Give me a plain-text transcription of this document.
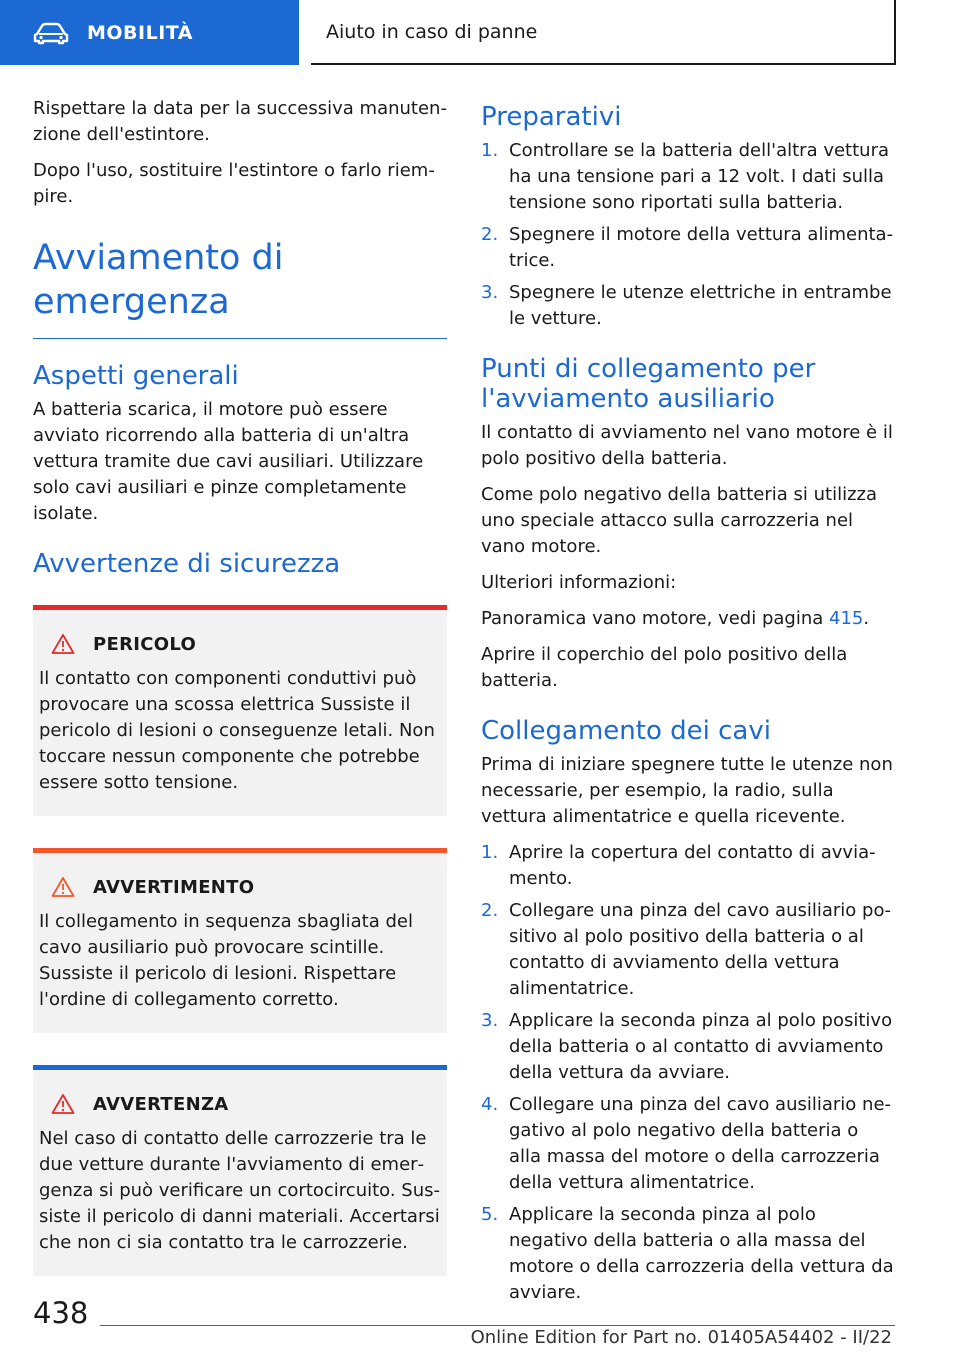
MOBILITÀ	Aiuto in caso di panne

Rispettare la data per la successiva manutenzione dell'estintore.

Dopo l'uso, sostituire l'estintore o farlo riempire.

Avviamento di emergenza
Aspetti generali

A batteria scarica, il motore può essere avviato ricorrendo alla batteria di un'altra vettura tramite due cavi ausiliari. Utilizzare solo cavi ausiliari e pinze completamente isolate.

Avvertenze di sicurezza
PERICOLO

Il contatto con componenti conduttivi può provocare una scossa elettrica Sussiste il pericolo di lesioni o conseguenze letali. Non toccare nessun componente che potrebbe essere sotto tensione.

AVVERTIMENTO

Il collegamento in sequenza sbagliata del cavo ausiliario può provocare scintille. Sussiste il pericolo di lesioni. Rispettare l'ordine di collegamento corretto.

AVVERTENZA

Nel caso di contatto delle carrozzerie tra le due vetture durante l'avviamento di emergenza si può verificare un cortocircuito. Sussiste il pericolo di danni materiali. Accertarsi che non ci sia contatto tra le carrozzerie.

Preparativi
1. Controllare se la batteria dell'altra vettura ha una tensione pari a 12 volt. I dati sulla tensione sono riportati sulla batteria.
2. Spegnere il motore della vettura alimentatrice.
3. Spegnere le utenze elettriche in entrambe le vetture.
Punti di collegamento per l'avviamento ausiliario

Il contatto di avviamento nel vano motore è il polo positivo della batteria.

Come polo negativo della batteria si utilizza uno speciale attacco sulla carrozzeria nel vano motore.

Ulteriori informazioni:

Panoramica vano motore, vedi pagina 415.

Aprire il coperchio del polo positivo della batteria.

Collegamento dei cavi

Prima di iniziare spegnere tutte le utenze non necessarie, per esempio, la radio, sulla vettura alimentatrice e quella ricevente.

1. Aprire la copertura del contatto di avviamento.
2. Collegare una pinza del cavo ausiliario positivo al polo positivo della batteria o al contatto di avviamento della vettura alimentatrice.
3. Applicare la seconda pinza al polo positivo della batteria o al contatto di avviamento della vettura da avviare.
4. Collegare una pinza del cavo ausiliario negativo al polo negativo della batteria o alla massa del motore o della carrozzeria della vettura alimentatrice.
5. Applicare la seconda pinza al polo negativo della batteria o alla massa del motore o della carrozzeria della vettura da avviare.
438
Online Edition for Part no. 01405A54402 - II/22
